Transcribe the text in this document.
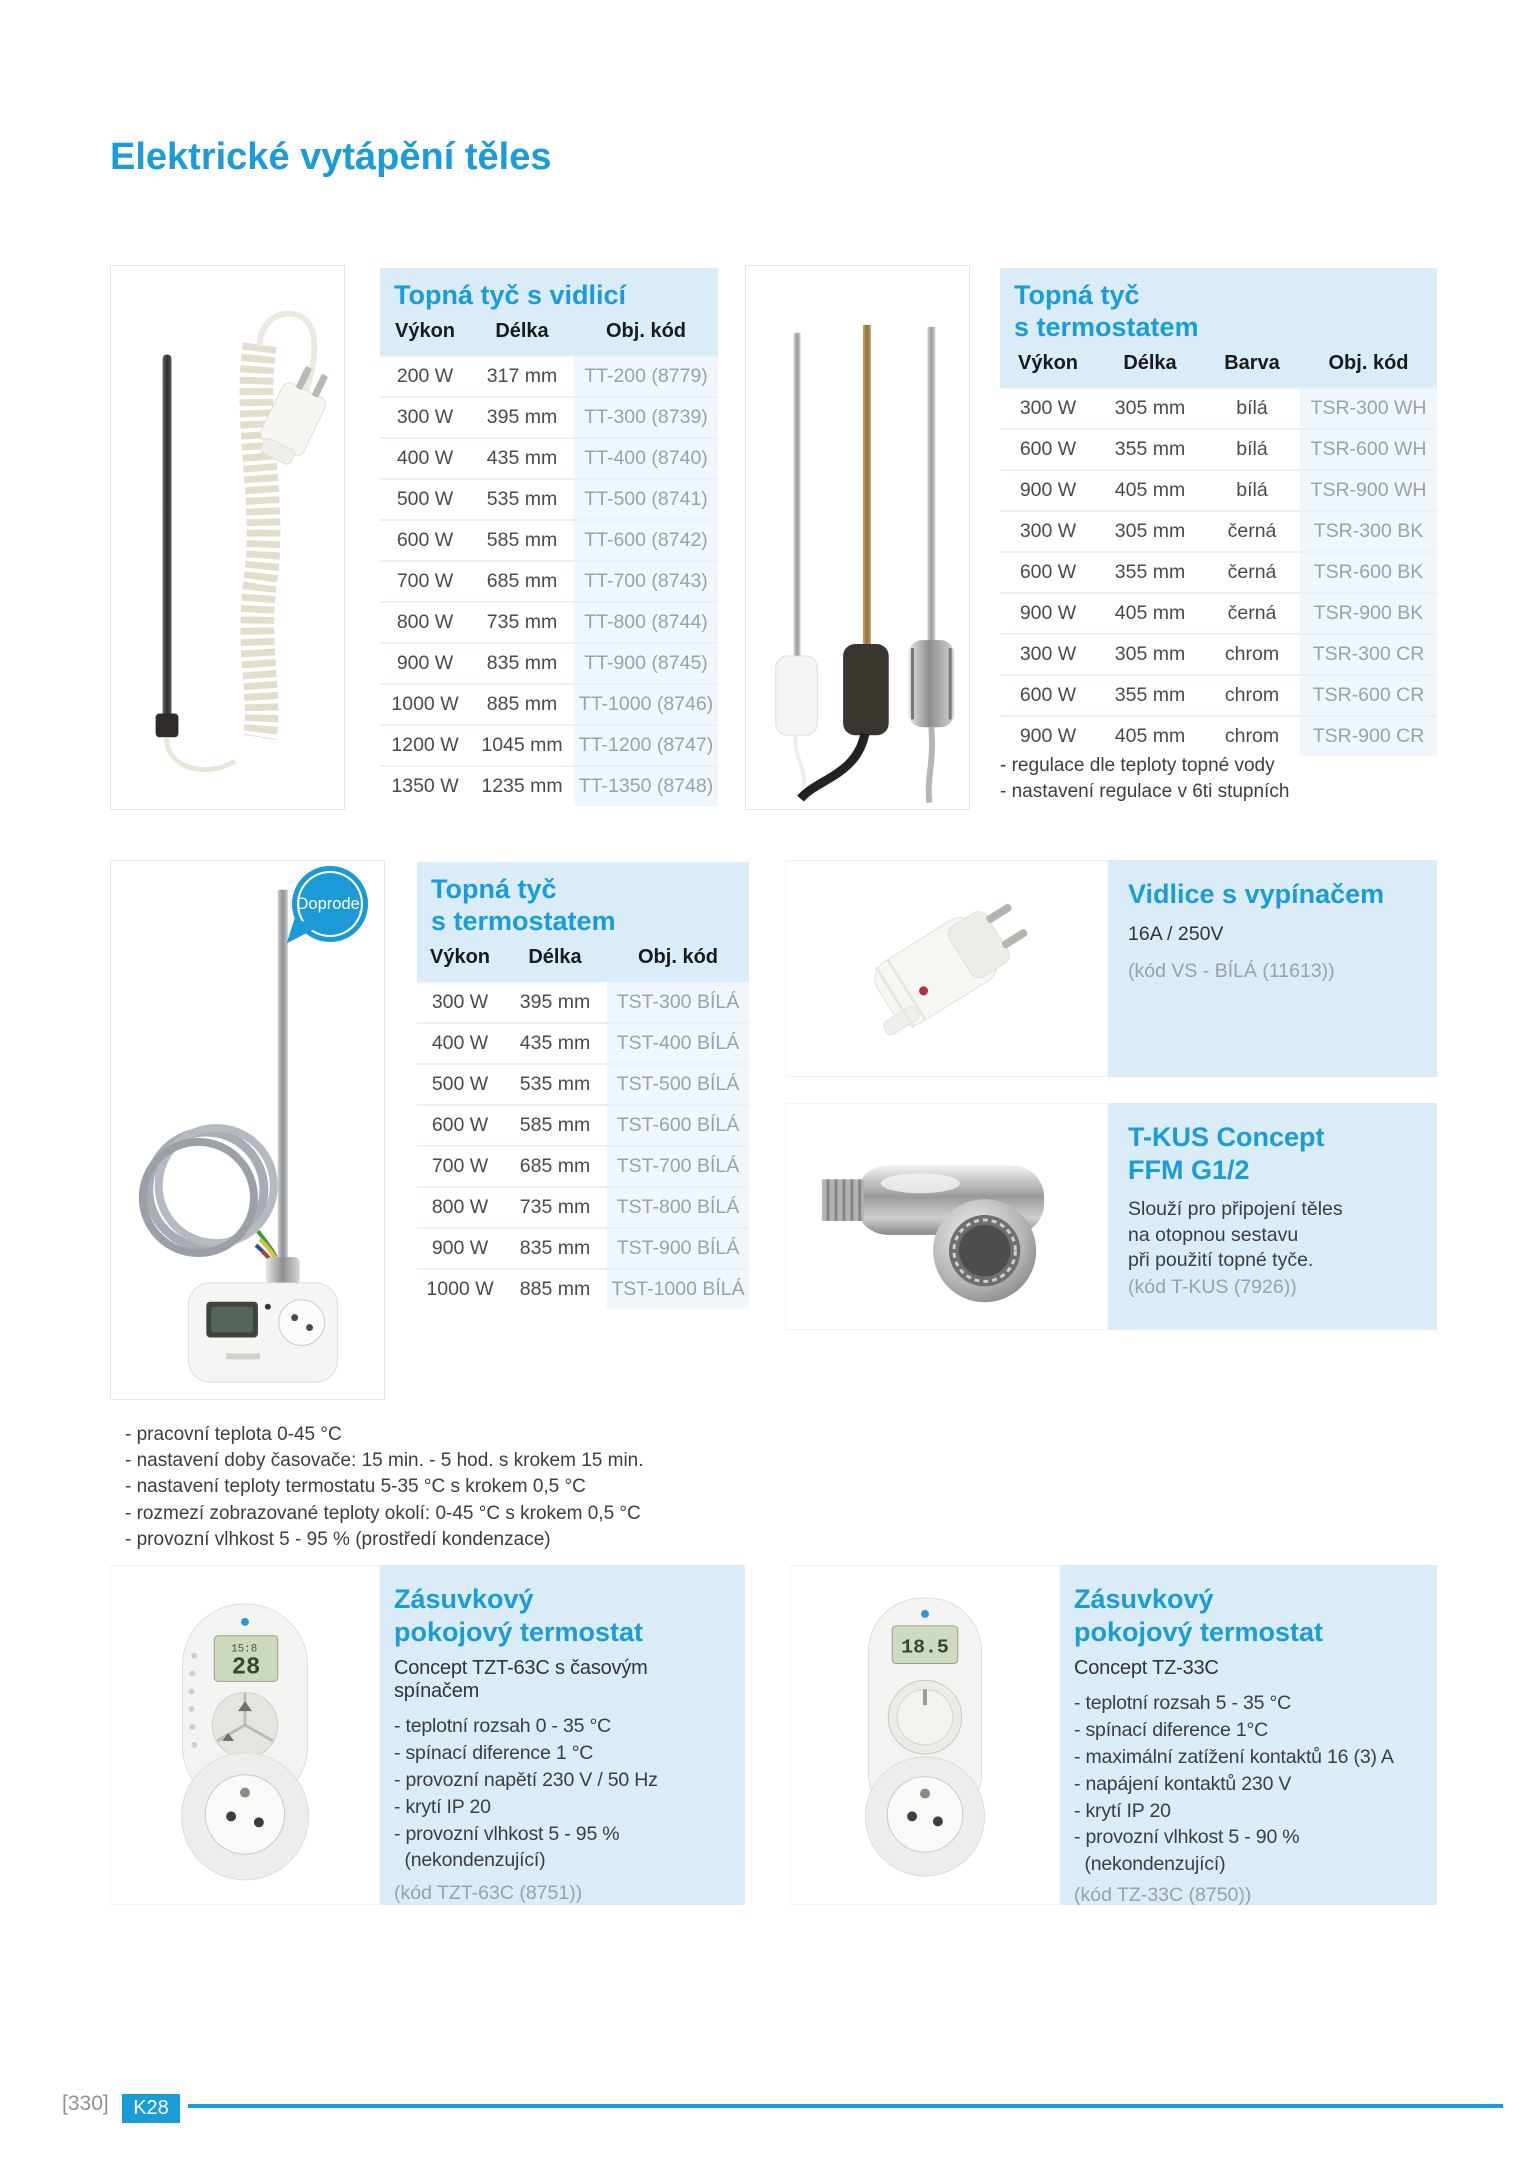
Elektrické vytápění těles
Topná tyč s vidlicí		
Výkon	Délka	Obj. kód
200 W	317 mm	TT-200 (8779)
300 W	395 mm	TT-300 (8739)
400 W	435 mm	TT-400 (8740)
500 W	535 mm	TT-500 (8741)
600 W	585 mm	TT-600 (8742)
700 W	685 mm	TT-700 (8743)
800 W	735 mm	TT-800 (8744)
900 W	835 mm	TT-900 (8745)
1000 W	885 mm	TT-1000 (8746)
1200 W	1045 mm	TT-1200 (8747)
1350 W	1235 mm	TT-1350 (8748)
Topná tyč
s termostatem			

Výkon	Délka	Barva	Obj. kód
300 W	305 mm	bílá	TSR-300 WH
600 W	355 mm	bílá	TSR-600 WH
900 W	405 mm	bílá	TSR-900 WH
300 W	305 mm	černá	TSR-300 BK
600 W	355 mm	černá	TSR-600 BK
900 W	405 mm	černá	TSR-900 BK
300 W	305 mm	chrom	TSR-300 CR
600 W	355 mm	chrom	TSR-600 CR
900 W	405 mm	chrom	TSR-900 CR
- regulace dle teploty topné vody
- nastavení regulace v 6ti stupních
Doprodej	Topná tyč
s termostatem		

Výkon	Délka	Obj. kód
300 W	395 mm	TST-300 BÍLÁ
400 W	435 mm	TST-400 BÍLÁ
500 W	535 mm	TST-500 BÍLÁ
600 W	585 mm	TST-600 BÍLÁ
700 W	685 mm	TST-700 BÍLÁ
800 W	735 mm	TST-800 BÍLÁ
900 W	835 mm	TST-900 BÍLÁ
1000 W	885 mm	TST-1000 BÍLÁ
Vidlice s vypínačem
16A / 250V
(kód VS - BÍLÁ (11613))
T-KUS Concept
FFM G1/2
Slouží pro připojení těles
na otopnou sestavu
při použití topné tyče.
(kód T-KUS (7926))
- pracovní teplota 0-45 °C
- nastavení doby časovače: 15 min. - 5 hod. s krokem 15 min.
- nastavení teploty termostatu 5-35 °C s krokem 0,5 °C
- rozmezí zobrazované teploty okolí: 0-45 °C s krokem 0,5 °C
- provozní vlhkost 5 - 95 % (prostředí kondenzace)
15:8
28
Zásuvkový
pokojový termostat
Concept TZT-63C s časovým spínačem
- teplotní rozsah 0 - 35 °C
- spínací diference 1 °C
- provozní napětí 230 V / 50 Hz
- krytí IP 20
- provozní vlhkost 5 - 95 %
(nekondenzující)
(kód TZT-63C (8751))
18.5
Zásuvkový
pokojový termostat
Concept TZ-33C
- teplotní rozsah 5 - 35 °C
- spínací diference 1°C
- maximální zatížení kontaktů 16 (3) A
- napájení kontaktů 230 V
- krytí IP 20
- provozní vlhkost 5 - 90 %
(nekondenzující)
(kód TZ-33C (8750))
[330]	K28
